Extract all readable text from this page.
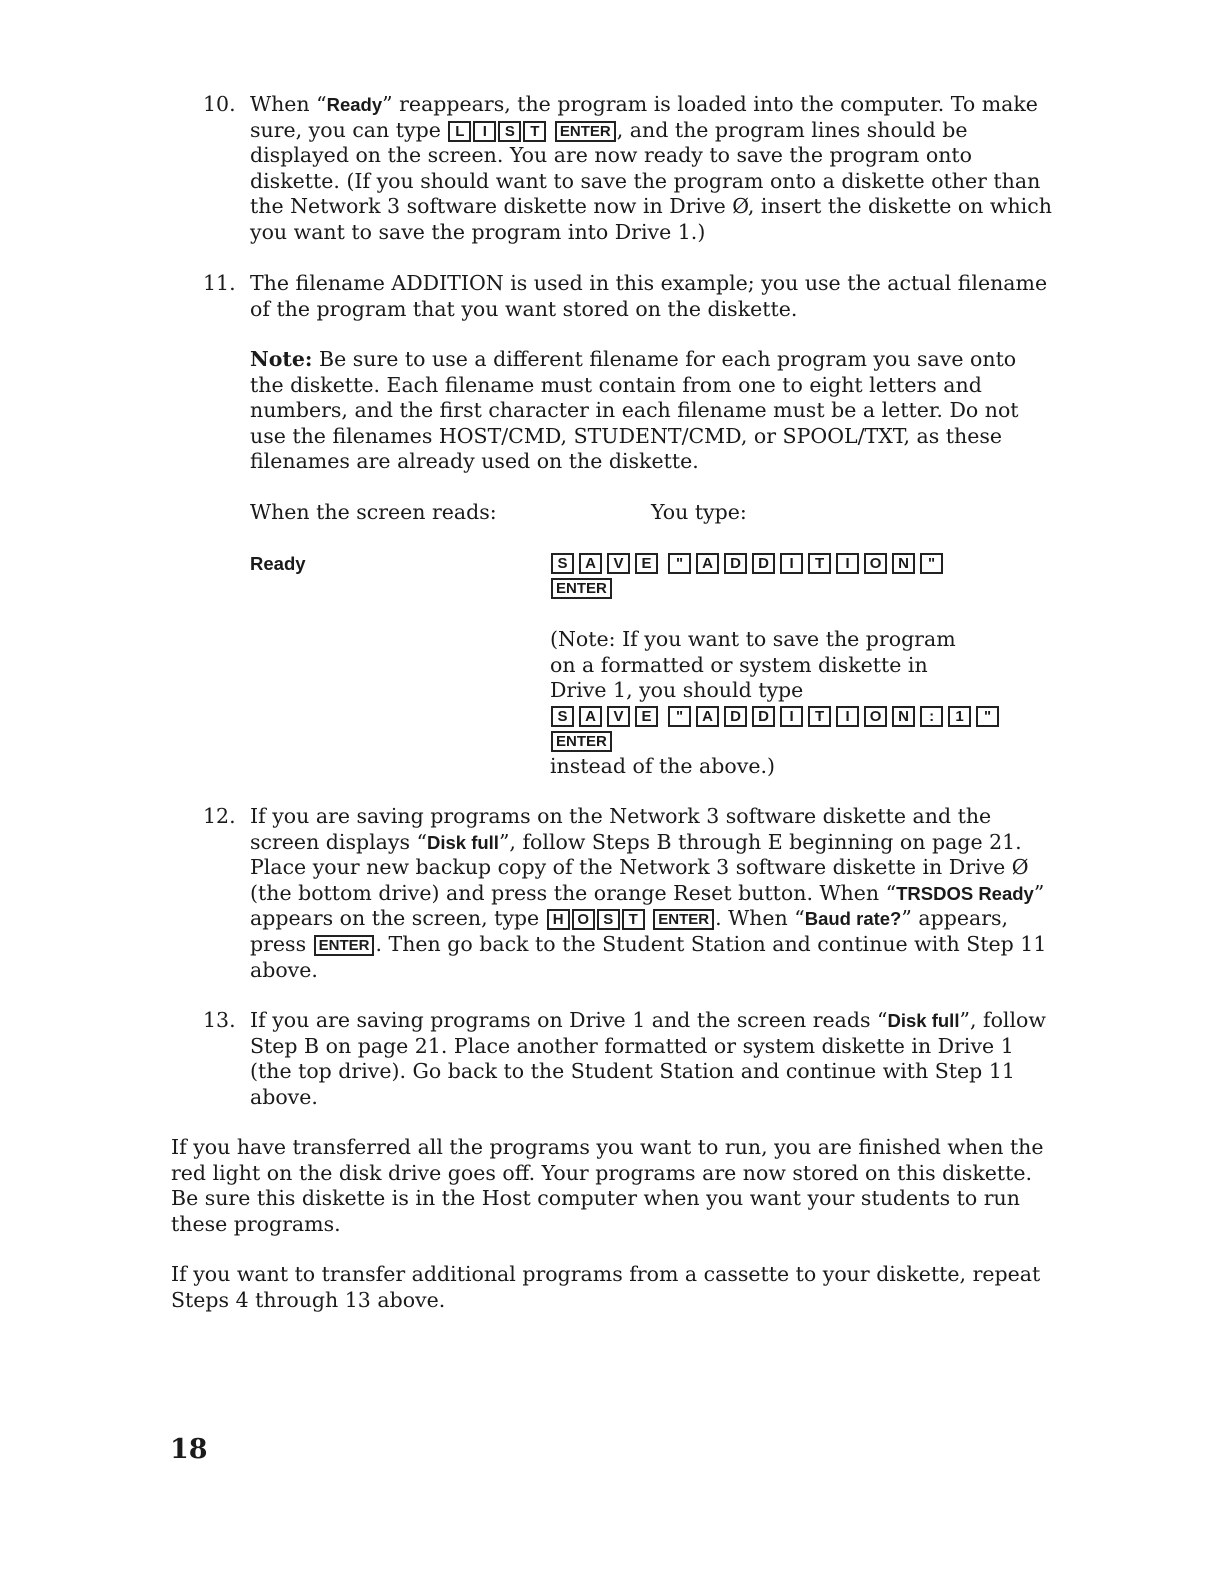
10. When “Ready” reappears, the program is loaded into the computer. To make sure, you can type L I S T ENTER , and the program lines should be displayed on the screen. You are now ready to save the program onto diskette. (If you should want to save the program onto a diskette other than the Network 3 software diskette now in Drive Ø, insert the diskette on which you want to save the program into Drive 1.)
11. The filename ADDITION is used in this example; you use the actual filename of the program that you want stored on the diskette.
Note: Be sure to use a different filename for each program you save onto the diskette. Each filename must contain from one to eight letters and numbers, and the first character in each filename must be a letter. Do not use the filenames HOST/CMD, STUDENT/CMD, or SPOOL/TXT, as these filenames are already used on the diskette.
When the screen reads:	You type:
Ready	S A V E " A D D I T I O N "
ENTER
(Note: If you want to save the program on a formatted or system diskette in Drive 1, you should type
S A V E " A D D I T I O N : 1 "
ENTER
instead of the above.)
12. If you are saving programs on the Network 3 software diskette and the screen displays “Disk full”, follow Steps B through E beginning on page 21. Place your new backup copy of the Network 3 software diskette in Drive Ø (the bottom drive) and press the orange Reset button. When “TRSDOS Ready” appears on the screen, type H O S T ENTER . When “Baud rate?” appears, press ENTER . Then go back to the Student Station and continue with Step 11 above.
13. If you are saving programs on Drive 1 and the screen reads “Disk full”, follow Step B on page 21. Place another formatted or system diskette in Drive 1 (the top drive). Go back to the Student Station and continue with Step 11 above.
If you have transferred all the programs you want to run, you are finished when the red light on the disk drive goes off. Your programs are now stored on this diskette. Be sure this diskette is in the Host computer when you want your students to run these programs.
If you want to transfer additional programs from a cassette to your diskette, repeat Steps 4 through 13 above.
18
